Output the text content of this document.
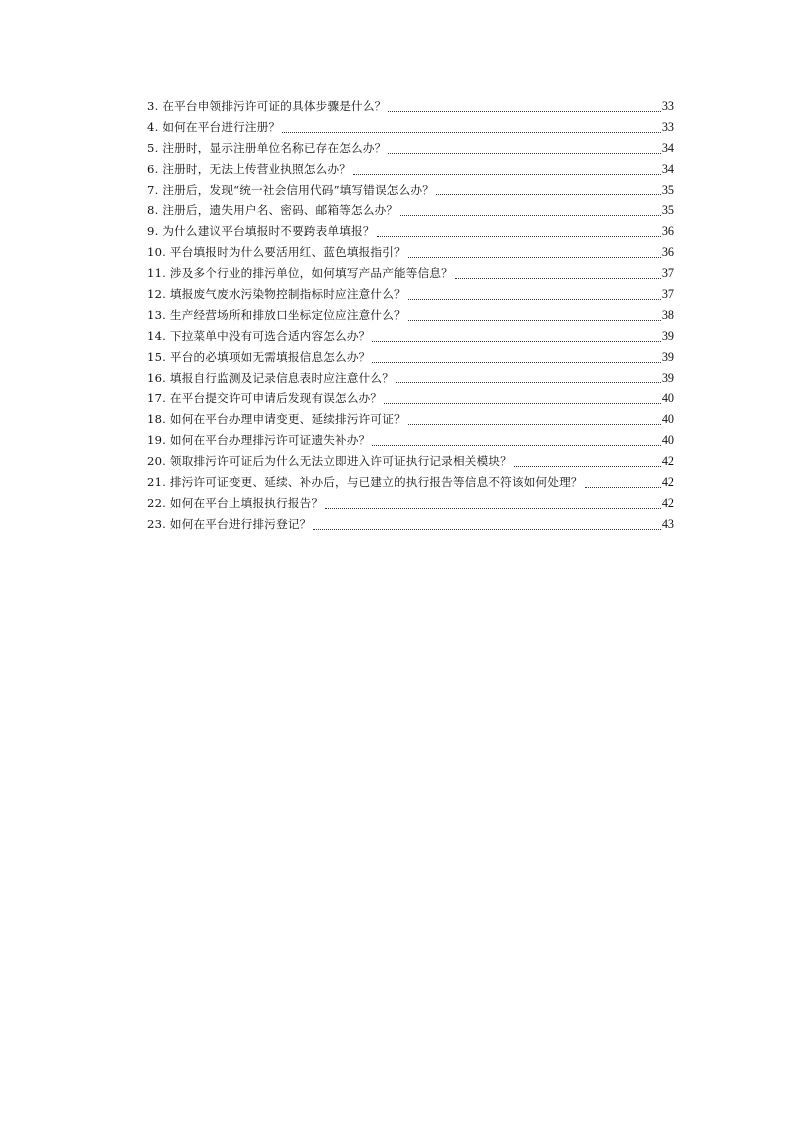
3. 在平台申领排污许可证的具体步骤是什么？	33
4. 如何在平台进行注册？	33
5. 注册时，显示注册单位名称已存在怎么办？	34
6. 注册时，无法上传营业执照怎么办？	34
7. 注册后，发现“统一社会信用代码”填写错误怎么办？	35
8. 注册后，遗失用户名、密码、邮箱等怎么办？	35
9. 为什么建议平台填报时不要跨表单填报？	36
10. 平台填报时为什么要活用红、蓝色填报指引？	36
11. 涉及多个行业的排污单位，如何填写产品产能等信息？	37
12. 填报废气废水污染物控制指标时应注意什么？	37
13. 生产经营场所和排放口坐标定位应注意什么？	38
14. 下拉菜单中没有可选合适内容怎么办？	39
15. 平台的必填项如无需填报信息怎么办？	39
16. 填报自行监测及记录信息表时应注意什么？	39
17. 在平台提交许可申请后发现有误怎么办？	40
18. 如何在平台办理申请变更、延续排污许可证？	40
19. 如何在平台办理排污许可证遗失补办？	40
20. 领取排污许可证后为什么无法立即进入许可证执行记录相关模块？	42
21. 排污许可证变更、延续、补办后，与已建立的执行报告等信息不符该如何处理？	42
22. 如何在平台上填报执行报告？	42
23. 如何在平台进行排污登记？	43
